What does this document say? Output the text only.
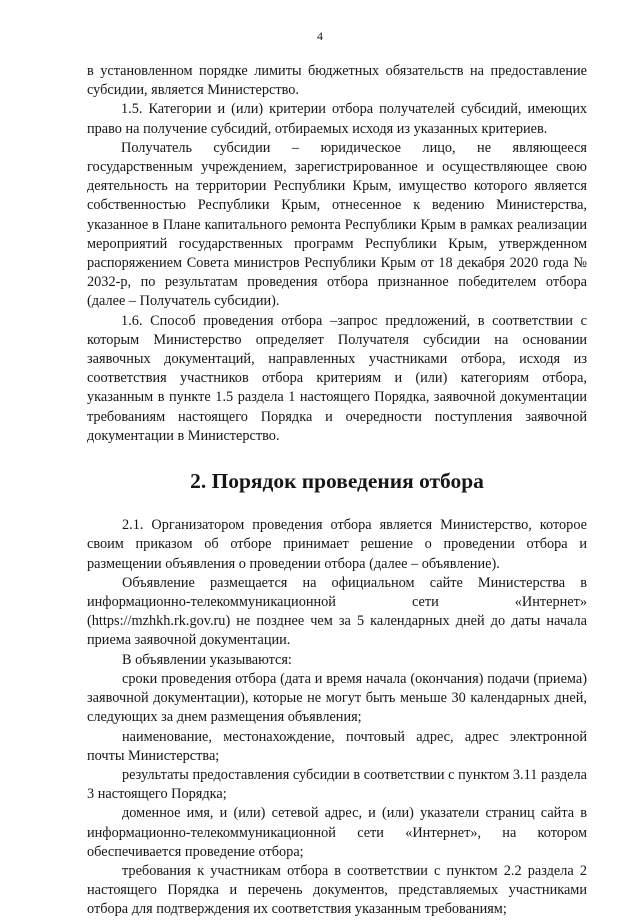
4

в установленном порядке лимиты бюджетных обязательств на предоставление субсидии, является Министерство.

1.5. Категории и (или) критерии отбора получателей субсидий, имеющих право на получение субсидий, отбираемых исходя из указанных критериев.

Получатель субсидии – юридическое лицо, не являющееся государственным учреждением, зарегистрированное и осуществляющее свою деятельность на территории Республики Крым, имущество которого является собственностью Республики Крым, отнесенное к ведению Министерства, указанное в Плане капитального ремонта Республики Крым в рамках реализации мероприятий государственных программ Республики Крым, утвержденном распоряжением Совета министров Республики Крым от 18 декабря 2020 года № 2032-р, по результатам проведения отбора признанное победителем отбора (далее – Получатель субсидии).

1.6. Способ проведения отбора –запрос предложений, в соответствии с которым Министерство определяет Получателя субсидии на основании заявочных документаций, направленных участниками отбора, исходя из соответствия участников отбора критериям и (или) категориям отбора, указанным в пункте 1.5 раздела 1 настоящего Порядка, заявочной документации требованиям настоящего Порядка и очередности поступления заявочной документации в Министерство.

2. Порядок проведения отбора

2.1. Организатором проведения отбора является Министерство, которое своим приказом об отборе принимает решение о проведении отбора и размещении объявления о проведении отбора (далее – объявление).

Объявление размещается на официальном сайте Министерства в информационно-телекоммуникационной сети «Интернет» (https://mzhkh.rk.gov.ru) не позднее чем за 5 календарных дней до даты начала приема заявочной документации.

В объявлении указываются:

сроки проведения отбора (дата и время начала (окончания) подачи (приема) заявочной документации), которые не могут быть меньше 30 календарных дней, следующих за днем размещения объявления;

наименование, местонахождение, почтовый адрес, адрес электронной почты Министерства;

результаты предоставления субсидии в соответствии с пунктом 3.11 раздела 3 настоящего Порядка;

доменное имя, и (или) сетевой адрес, и (или) указатели страниц сайта в информационно-телекоммуникационной сети «Интернет», на котором обеспечивается проведение отбора;

требования к участникам отбора в соответствии с пунктом 2.2 раздела 2 настоящего Порядка и перечень документов, представляемых участниками отбора для подтверждения их соответствия указанным требованиям;
